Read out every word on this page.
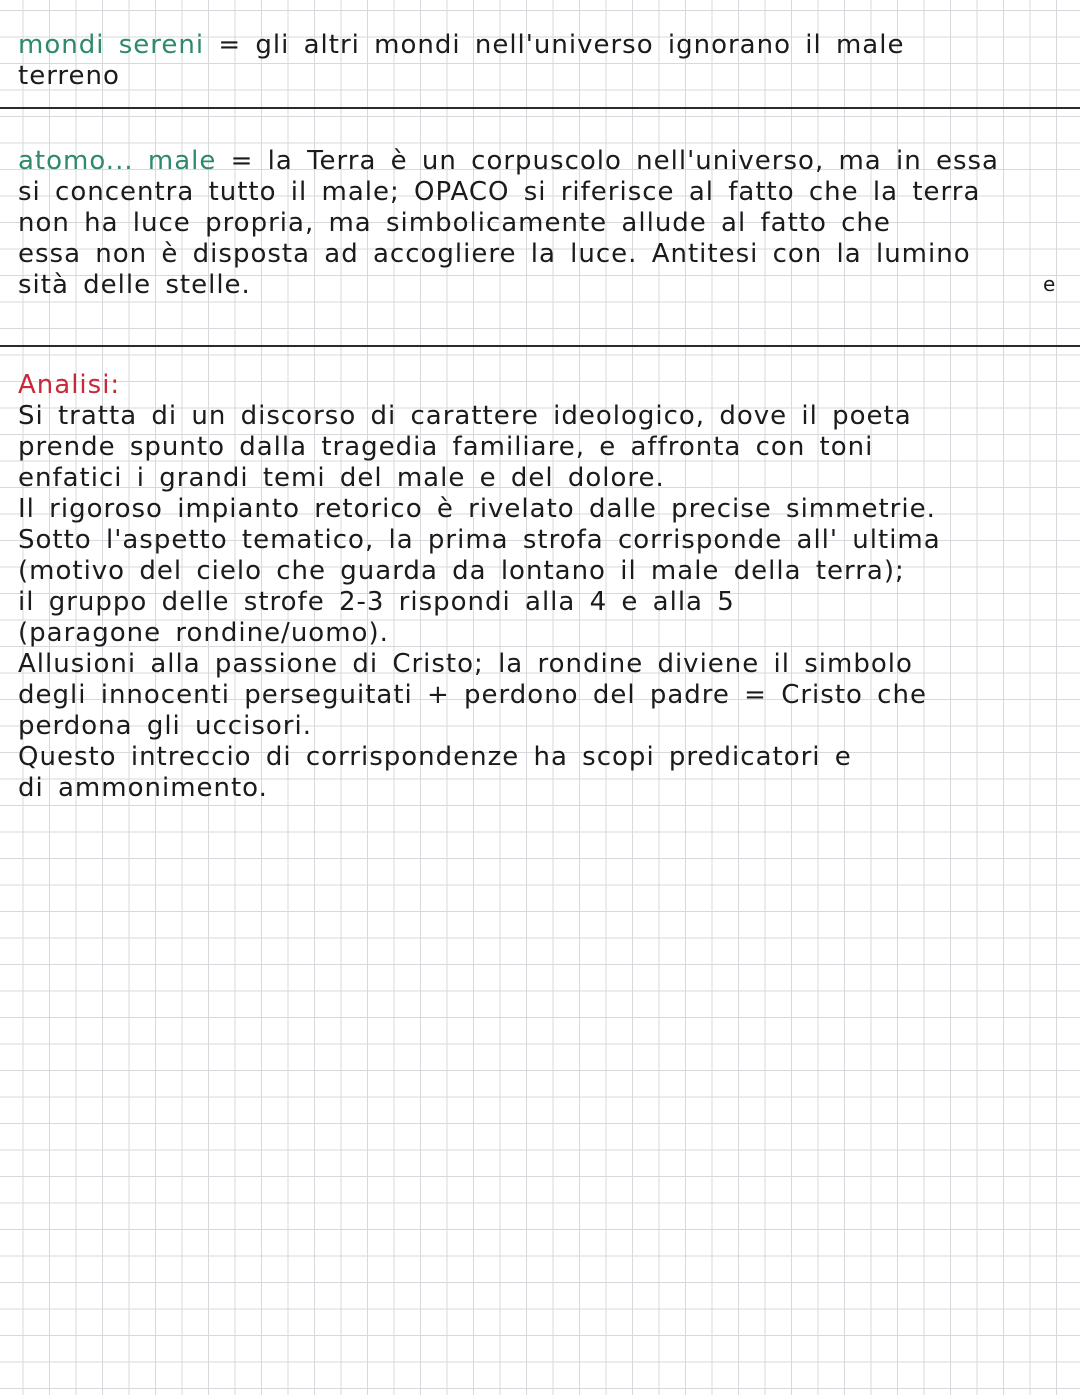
mondi sereni = gli altri mondi nell'universo ignorano il male
terreno
atomo... male = la Terra è un corpuscolo nell'universo, ma in essa
si concentra tutto il male; OPACO si riferisce al fatto che la terra
non ha luce propria, ma simbolicamente allude al fatto che
essa non è disposta ad accogliere la luce. Antitesi con la lumino
sità delle stelle.	e
Analisi:
Si tratta di un discorso di carattere ideologico, dove il poeta
prende spunto dalla tragedia familiare, e affronta con toni
enfatici i grandi temi del male e del dolore.
Il rigoroso impianto retorico è rivelato dalle precise simmetrie.
Sotto l'aspetto tematico, la prima strofa corrisponde all' ultima
(motivo del cielo che guarda da lontano il male della terra);
il gruppo delle strofe 2-3 rispondi alla 4 e alla 5
(paragone rondine/uomo).
Allusioni alla passione di Cristo; la rondine diviene il simbolo
degli innocenti perseguitati + perdono del padre = Cristo che
perdona gli uccisori.
Questo intreccio di corrispondenze ha scopi predicatori e
di ammonimento.
